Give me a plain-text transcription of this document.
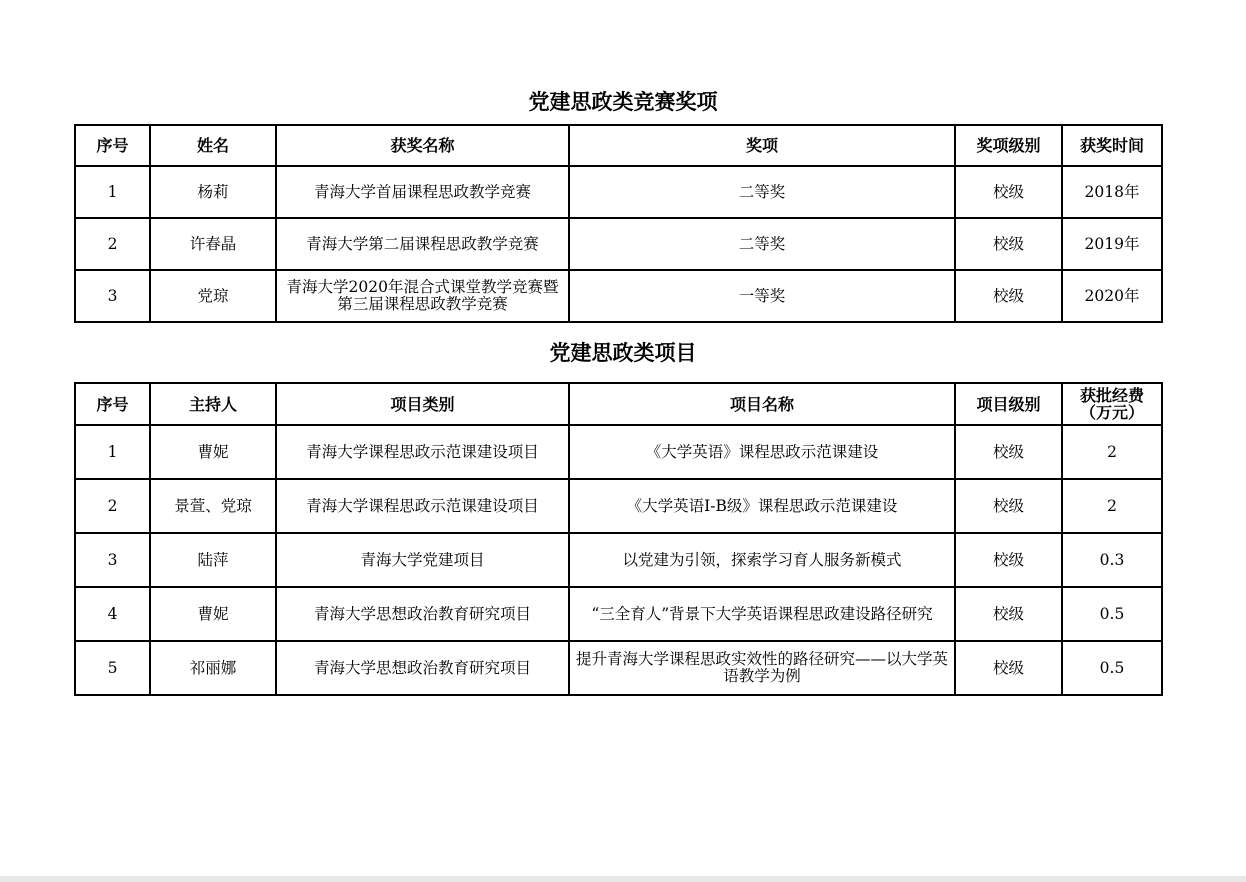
党建思政类竞赛奖项
序号	姓名	获奖名称	奖项	奖项级别	获奖时间
1	杨莉	青海大学首届课程思政教学竞赛	二等奖	校级	2018年
2	许春晶	青海大学第二届课程思政教学竞赛	二等奖	校级	2019年
3	党琼	青海大学2020年混合式课堂教学竞赛暨第三届课程思政教学竞赛	一等奖	校级	2020年
党建思政类项目
序号	主持人	项目类别	项目名称	项目级别	获批经费（万元）
1	曹妮	青海大学课程思政示范课建设项目	《大学英语》课程思政示范课建设	校级	2
2	景萱、党琼	青海大学课程思政示范课建设项目	《大学英语I-B级》课程思政示范课建设	校级	2
3	陆萍	青海大学党建项目	以党建为引领，探索学习育人服务新模式	校级	0.3
4	曹妮	青海大学思想政治教育研究项目	“三全育人”背景下大学英语课程思政建设路径研究	校级	0.5
5	祁丽娜	青海大学思想政治教育研究项目	提升青海大学课程思政实效性的路径研究——以大学英语教学为例	校级	0.5
